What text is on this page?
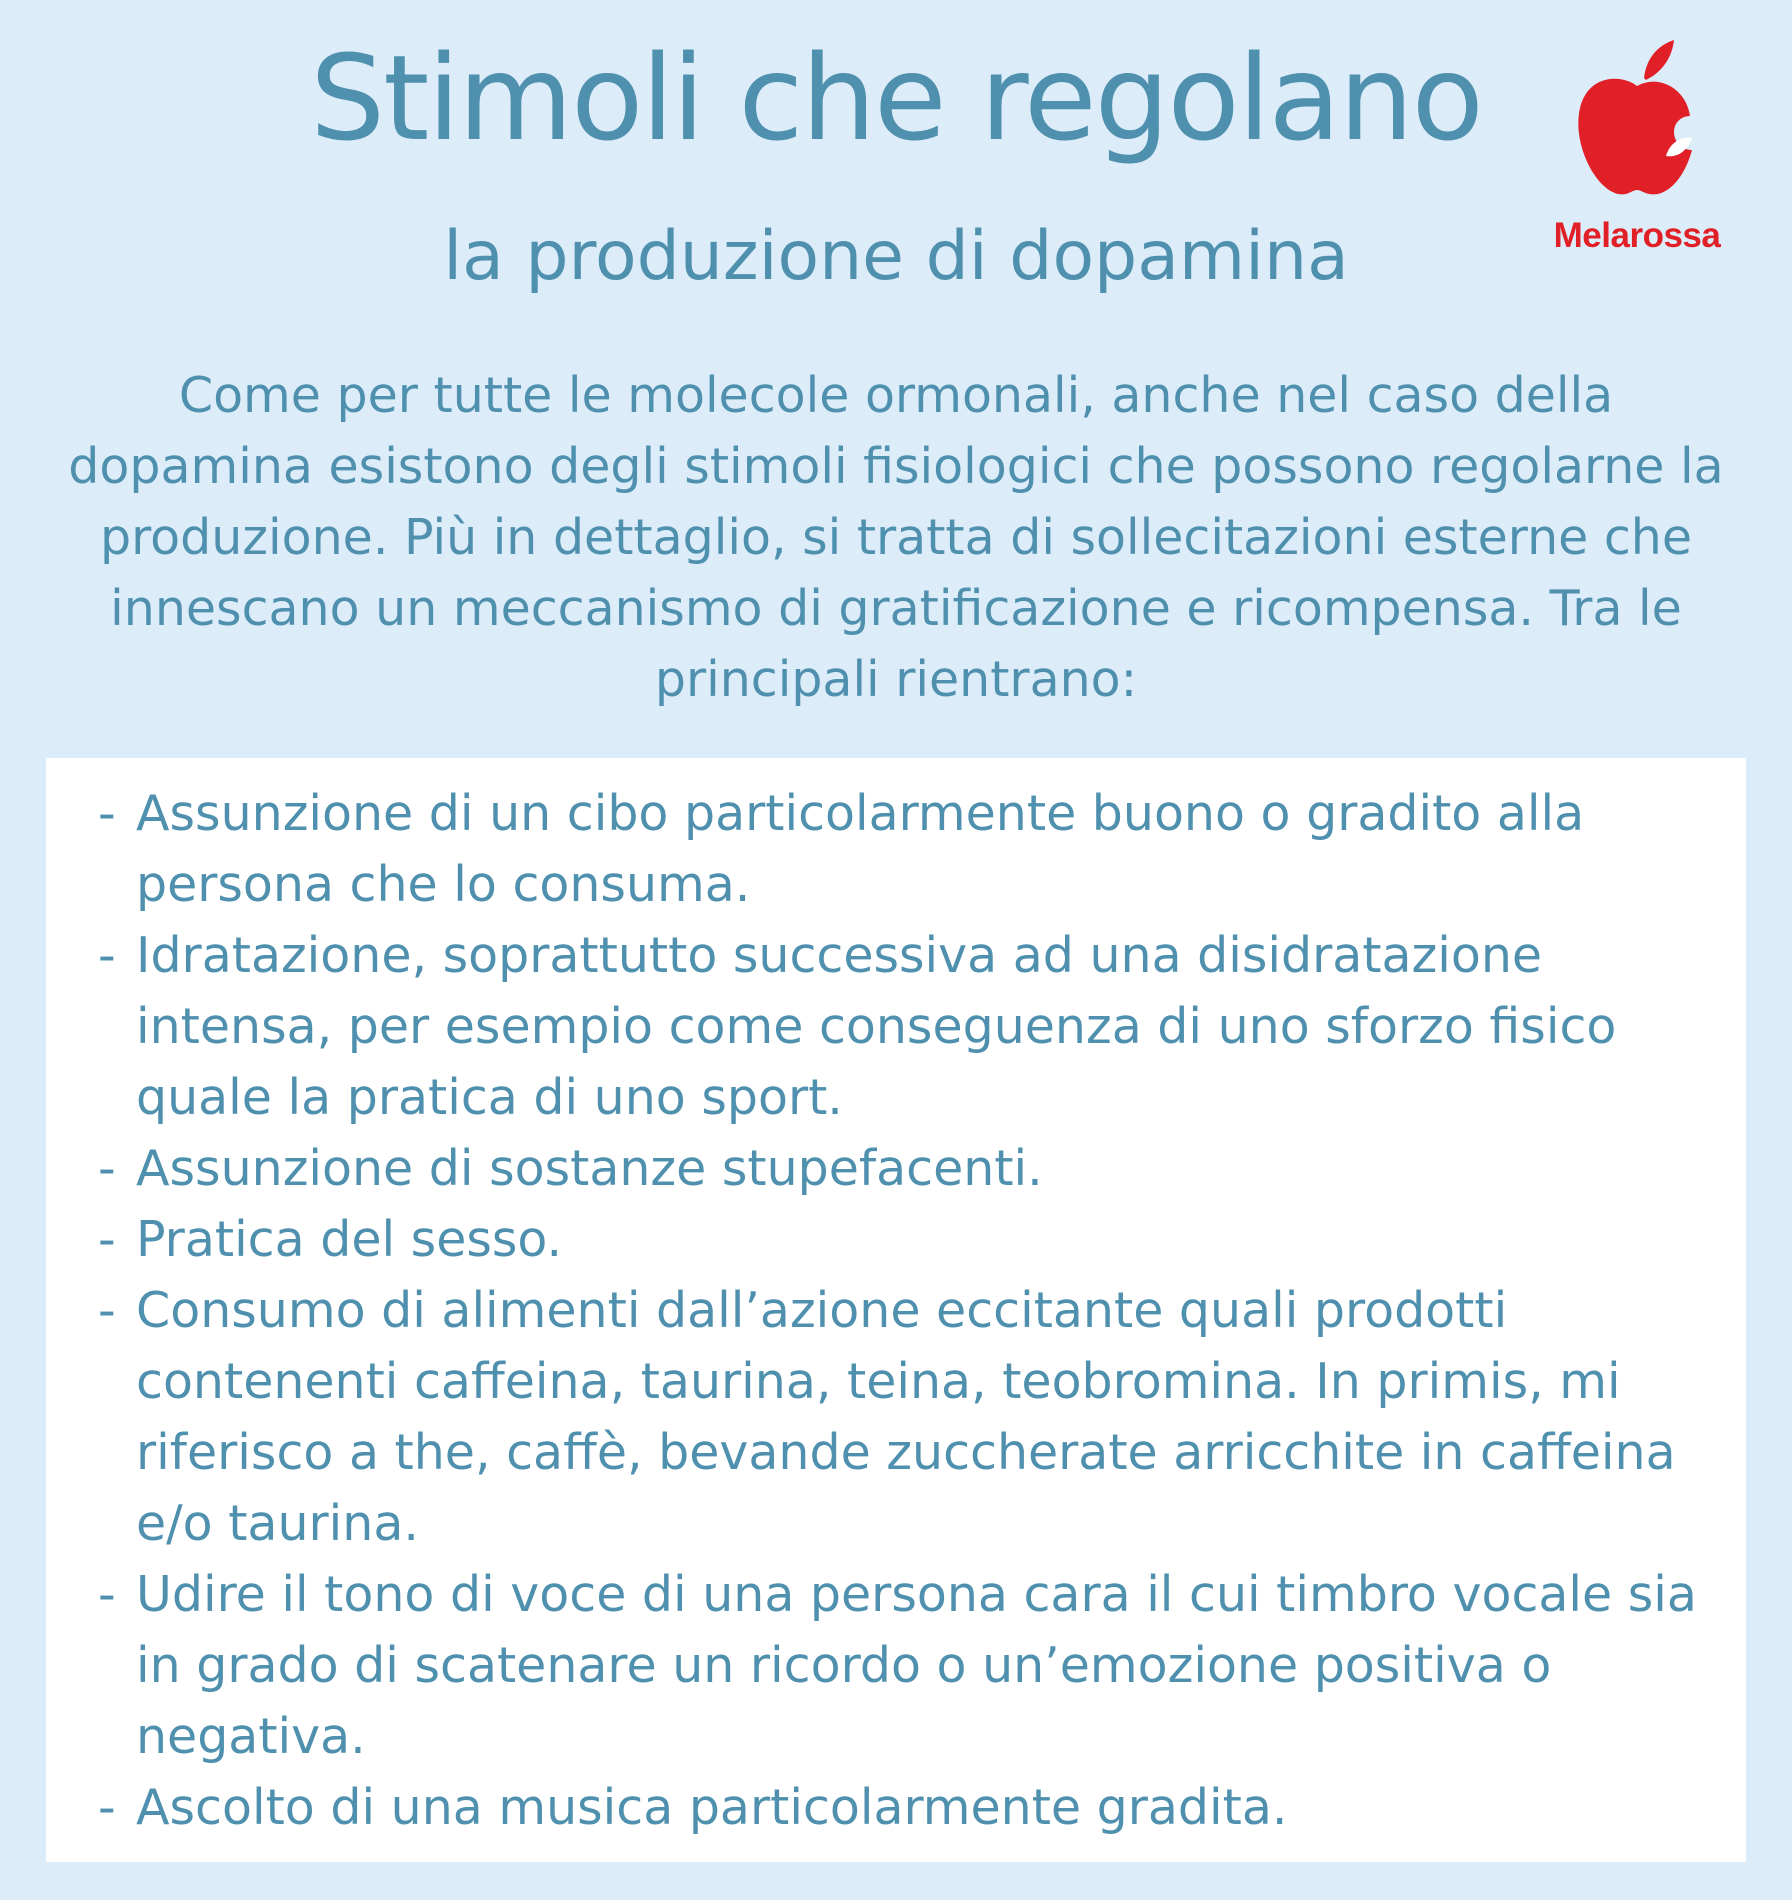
Stimoli che regolano
la produzione di dopamina	Melarossa

Come per tutte le molecole ormonali, anche nel caso della dopamina esistono degli stimoli fisiologici che possono regolarne la produzione. Più in dettaglio, si tratta di sollecitazioni esterne che innescano un meccanismo di gratificazione e ricompensa. Tra le principali rientrano:

- Assunzione di un cibo particolarmente buono o gradito alla persona che lo consuma.
- Idratazione, soprattutto successiva ad una disidratazione intensa, per esempio come conseguenza di uno sforzo fisico quale la pratica di uno sport.
- Assunzione di sostanze stupefacenti.
- Pratica del sesso.
- Consumo di alimenti dall’azione eccitante quali prodotti contenenti caffeina, taurina, teina, teobromina. In primis, mi riferisco a the, caffè, bevande zuccherate arricchite in caffeina e/o taurina.
- Udire il tono di voce di una persona cara il cui timbro vocale sia in grado di scatenare un ricordo o un’emozione positiva o negativa.
- Ascolto di una musica particolarmente gradita.
